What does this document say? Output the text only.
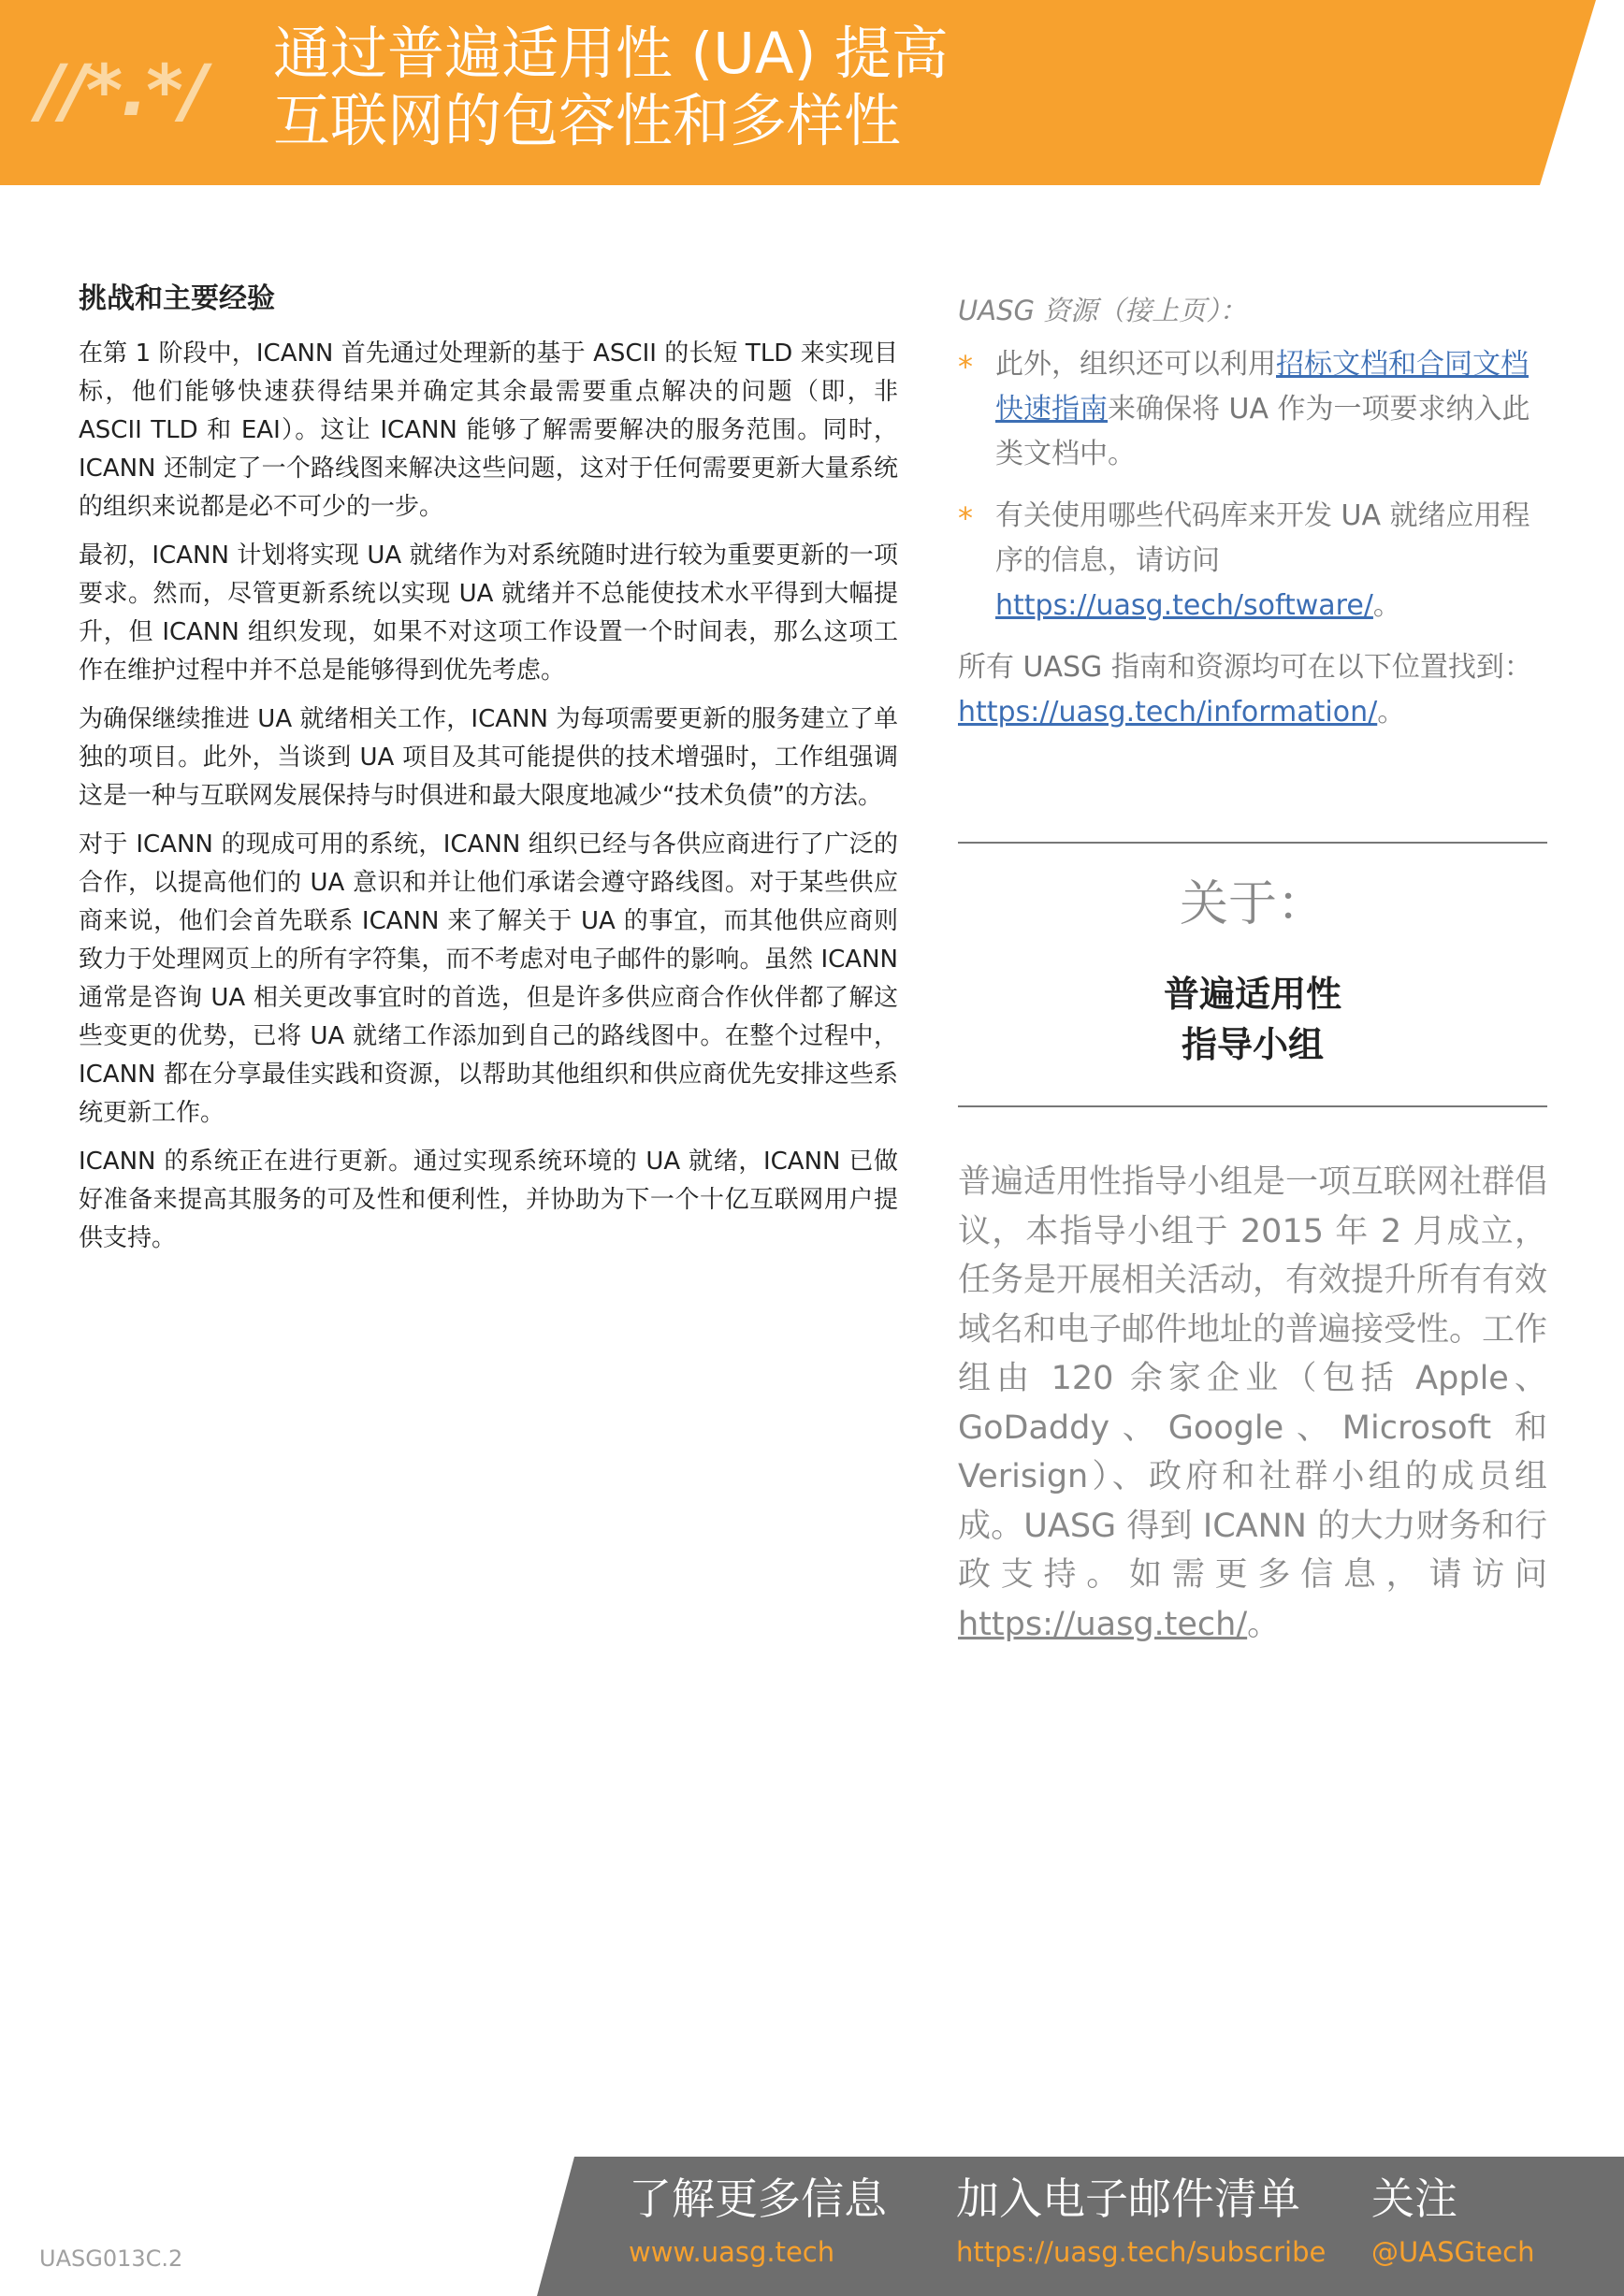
//*.*/	通过普遍适用性 (UA) 提高
互联网的包容性和多样性
挑战和主要经验

在第 1 阶段中，ICANN 首先通过处理新的基于 ASCII 的长短 TLD 来实现目标，他们能够快速获得结果并确定其余最需要重点解决的问题（即，非 ASCII TLD 和 EAI）。这让 ICANN 能够了解需要解决的服务范围。同时，ICANN 还制定了一个路线图来解决这些问题，这对于任何需要更新大量系统的组织来说都是必不可少的一步。

最初，ICANN 计划将实现 UA 就绪作为对系统随时进行较为重要更新的一项要求。然而，尽管更新系统以实现 UA 就绪并不总能使技术水平得到大幅提升，但 ICANN 组织发现，如果不对这项工作设置一个时间表，那么这项工作在维护过程中并不总是能够得到优先考虑。

为确保继续推进 UA 就绪相关工作，ICANN 为每项需要更新的服务建立了单独的项目。此外，当谈到 UA 项目及其可能提供的技术增强时，工作组强调这是一种与互联网发展保持与时俱进和最大限度地减少“技术负债”的方法。

对于 ICANN 的现成可用的系统，ICANN 组织已经与各供应商进行了广泛的合作，以提高他们的 UA 意识和并让他们承诺会遵守路线图。对于某些供应商来说，他们会首先联系 ICANN 来了解关于 UA 的事宜，而其他供应商则致力于处理网页上的所有字符集，而不考虑对电子邮件的影响。虽然 ICANN 通常是咨询 UA 相关更改事宜时的首选，但是许多供应商合作伙伴都了解这些变更的优势，已将 UA 就绪工作添加到自己的路线图中。在整个过程中，ICANN 都在分享最佳实践和资源，以帮助其他组织和供应商优先安排这些系统更新工作。

ICANN 的系统正在进行更新。通过实现系统环境的 UA 就绪，ICANN 已做好准备来提高其服务的可及性和便利性，并协助为下一个十亿互联网用户提供支持。

UASG 资源（接上页）：
* 此外，组织还可以利用招标文档和合同文档快速指南来确保将 UA 作为一项要求纳入此类文档中。
* 有关使用哪些代码库来开发 UA 就绪应用程序的信息，请访问 https://uasg.tech/software/。
所有 UASG 指南和资源均可在以下位置找到：https://uasg.tech/information/。
关于：
普遍适用性
指导小组
普遍适用性指导小组是一项互联网社群倡议，本指导小组于 2015 年 2 月成立，任务是开展相关活动，有效提升所有有效域名和电子邮件地址的普遍接受性。工作组由 120 余家企业（包括 Apple、GoDaddy、Google、Microsoft 和 Verisign）、政府和社群小组的成员组成。UASG 得到 ICANN 的大力财务和行政支持。如需更多信息，请访问 https://uasg.tech/。
UASG013C.2
了解更多信息
www.uasg.tech
加入电子邮件清单
https://uasg.tech/subscribe
关注
@UASGtech
